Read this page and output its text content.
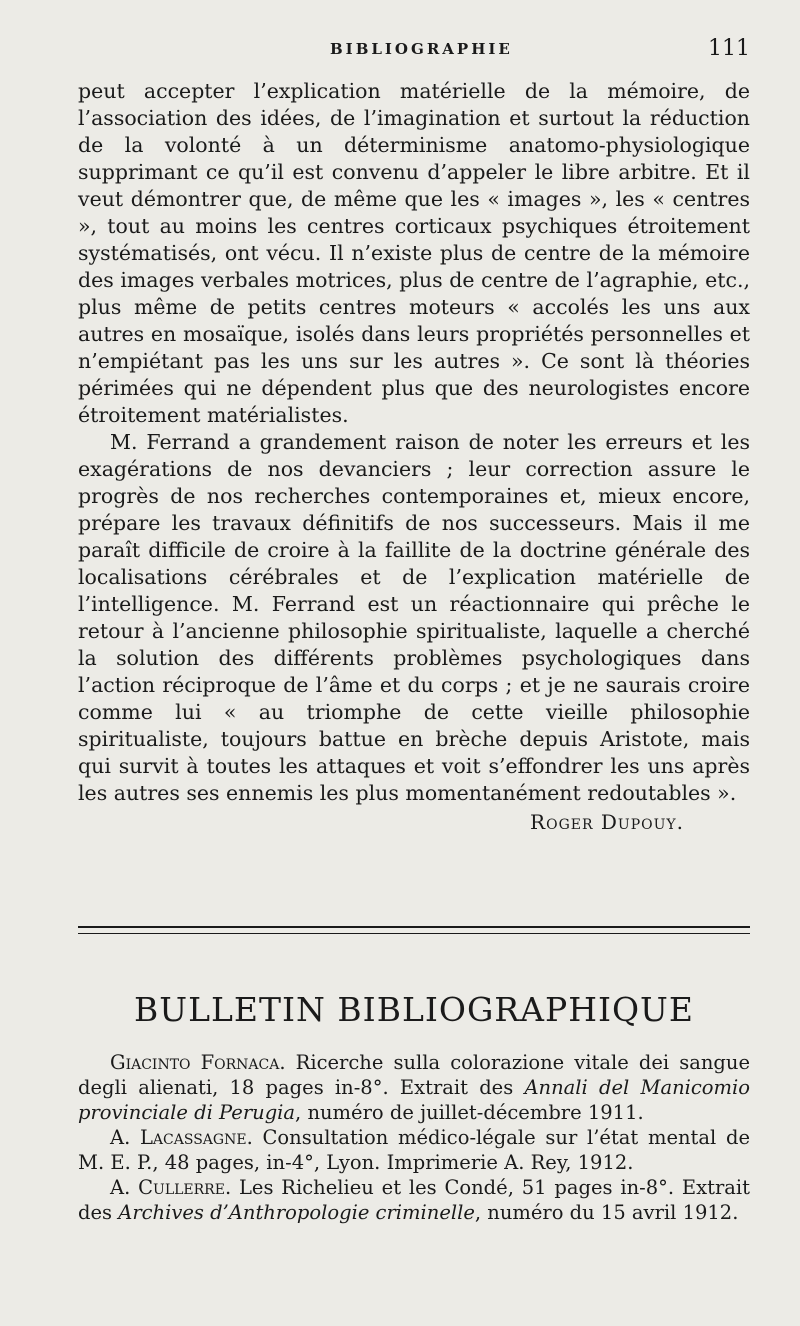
BIBLIOGRAPHIE	111

peut accepter l’explication matérielle de la mémoire, de l’association des idées, de l’imagination et surtout la réduction de la volonté à un déterminisme anatomo-physiologique supprimant ce qu’il est convenu d’appeler le libre arbitre. Et il veut démontrer que, de même que les « images », les « centres », tout au moins les centres corticaux psychiques étroitement systématisés, ont vécu. Il n’existe plus de centre de la mémoire des images verbales motrices, plus de centre de l’agraphie, etc., plus même de petits centres moteurs « accolés les uns aux autres en mosaïque, isolés dans leurs propriétés personnelles et n’empiétant pas les uns sur les autres ». Ce sont là théories périmées qui ne dépendent plus que des neurologistes encore étroitement matérialistes.

M. Ferrand a grandement raison de noter les erreurs et les exagérations de nos devanciers ; leur correction assure le progrès de nos recherches contemporaines et, mieux encore, prépare les travaux définitifs de nos successeurs. Mais il me paraît difficile de croire à la faillite de la doctrine générale des localisations cérébrales et de l’explication matérielle de l’intelligence. M. Ferrand est un réactionnaire qui prêche le retour à l’ancienne philosophie spiritualiste, laquelle a cherché la solution des différents problèmes psychologiques dans l’action réciproque de l’âme et du corps ; et je ne saurais croire comme lui « au triomphe de cette vieille philosophie spiritualiste, toujours battue en brèche depuis Aristote, mais qui survit à toutes les attaques et voit s’effondrer les uns après les autres ses ennemis les plus momentanément redoutables ».

Roger Dupouy.
BULLETIN BIBLIOGRAPHIQUE
Giacinto Fornaca. Ricerche sulla colorazione vitale dei sangue degli alienati, 18 pages in-8°. Extrait des Annali del Manicomio provinciale di Perugia, numéro de juillet-décembre 1911.
A. Lacassagne. Consultation médico-légale sur l’état mental de M. E. P., 48 pages, in-4°, Lyon. Imprimerie A. Rey, 1912.
A. Cullerre. Les Richelieu et les Condé, 51 pages in-8°. Extrait des Archives d’Anthropologie criminelle, numéro du 15 avril 1912.
